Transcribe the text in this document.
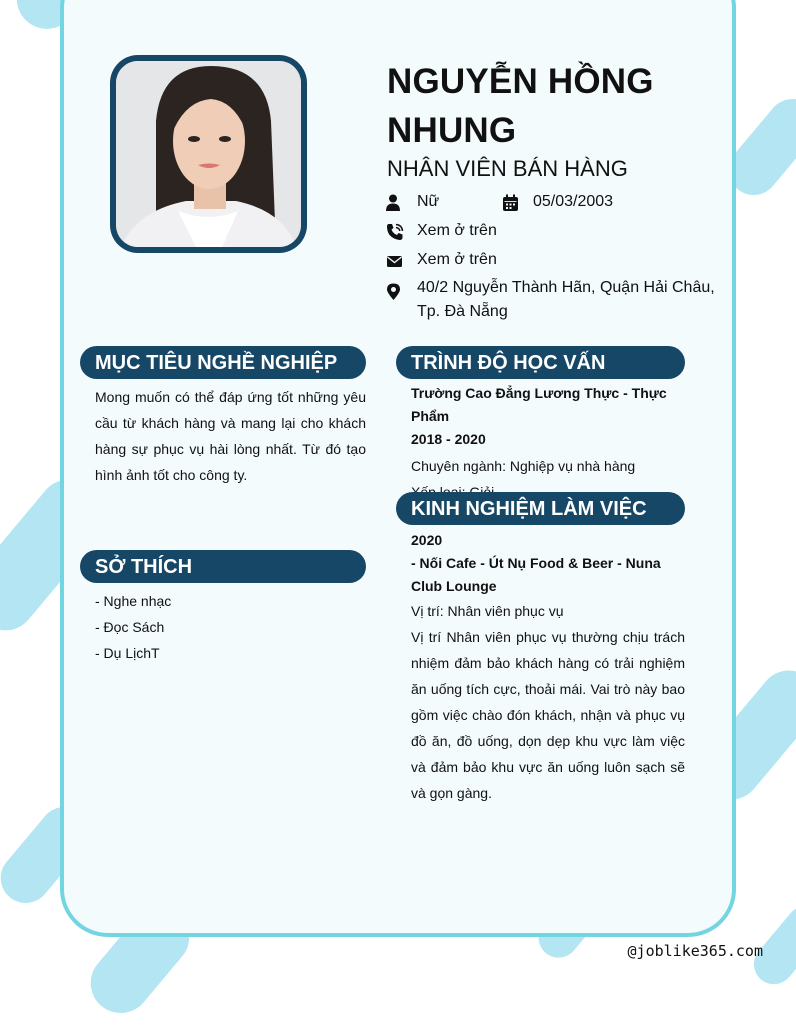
NGUYỄN HỒNG NHUNG
NHÂN VIÊN BÁN HÀNG
Nữ	05/03/2003
Xem ở trên
Xem ở trên
40/2 Nguyễn Thành Hãn, Quận Hải Châu, Tp. Đà Nẵng
MỤC TIÊU NGHỀ NGHIỆP
Mong muốn có thể đáp ứng tốt những yêu cầu từ khách hàng và mang lại cho khách hàng sự phục vụ hài lòng nhất. Từ đó tạo hình ảnh tốt cho công ty.
SỞ THÍCH
- Nghe nhạc
- Đọc Sách
- Dụ LịchT
TRÌNH ĐỘ HỌC VẤN
Trường Cao Đẳng Lương Thực - Thực Phẩm
2018 - 2020
Chuyên ngành: Nghiệp vụ nhà hàng
KINH NGHIỆM LÀM VIỆC
2020
- Nối Cafe - Út Nụ Food & Beer - Nuna Club Lounge
Vị trí: Nhân viên phục vụ
Vị trí Nhân viên phục vụ thường chịu trách nhiệm đảm bảo khách hàng có trải nghiệm ăn uống tích cực, thoải mái. Vai trò này bao gồm việc chào đón khách, nhận và phục vụ đồ ăn, đồ uống, dọn dẹp khu vực làm việc và đảm bảo khu vực ăn uống luôn sạch sẽ và gọn gàng.
@joblike365.com
